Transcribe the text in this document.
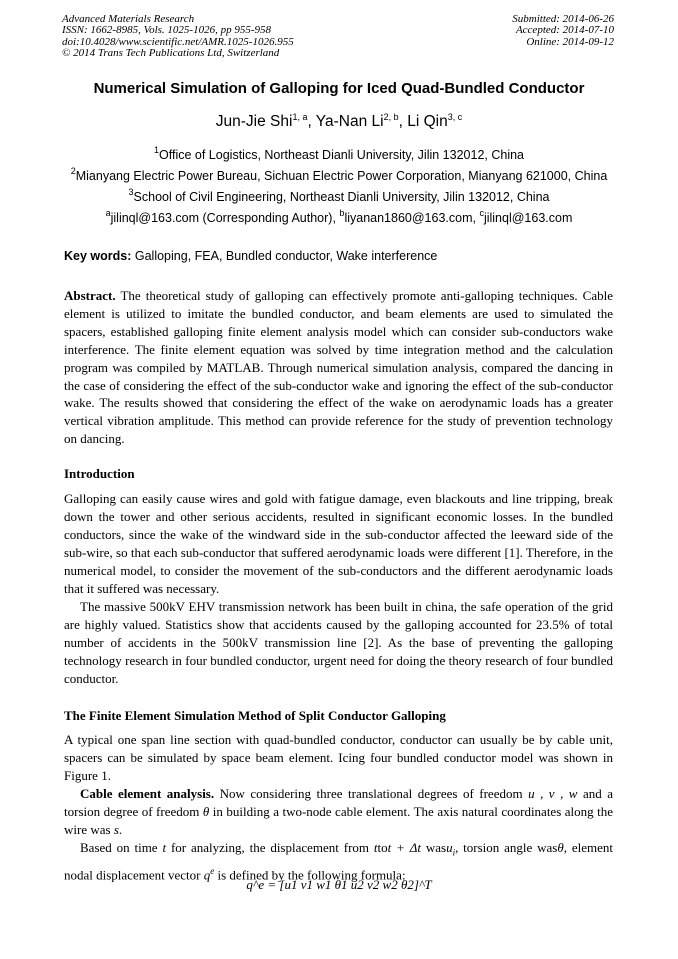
Advanced Materials Research
ISSN: 1662-8985, Vols. 1025-1026, pp 955-958
doi:10.4028/www.scientific.net/AMR.1025-1026.955
© 2014 Trans Tech Publications Ltd, Switzerland
Submitted: 2014-06-26
Accepted: 2014-07-10
Online: 2014-09-12
Numerical Simulation of Galloping for Iced Quad-Bundled Conductor
Jun-Jie Shi$^{1, a}$, Ya-Nan Li$^{2, b}$, Li Qin$^{3, c}$
$^1$Office of Logistics, Northeast Dianli University, Jilin 132012, China
$^2$Mianyang Electric Power Bureau, Sichuan Electric Power Corporation, Mianyang 621000, China
$^3$School of Civil Engineering, Northeast Dianli University, Jilin 132012, China
$^a$jilinql@163.com (Corresponding Author), $^b$liyanan1860@163.com, $^c$jilinql@163.com
Key words: Galloping, FEA, Bundled conductor, Wake interference
Abstract. The theoretical study of galloping can effectively promote anti-galloping techniques. Cable element is utilized to imitate the bundled conductor, and beam elements are used to simulated the spacers, established galloping finite element analysis model which can consider sub-conductors wake interference. The finite element equation was solved by time integration method and the calculation program was compiled by MATLAB. Through numerical simulation analysis, compared the dancing in the case of considering the effect of the sub-conductor wake and ignoring the effect of the sub-conductor wake. The results showed that considering the effect of the wake on aerodynamic loads has a greater vertical vibration amplitude. This method can provide reference for the study of prevention technology on dancing.
Introduction
Galloping can easily cause wires and gold with fatigue damage, even blackouts and line tripping, break down the tower and other serious accidents, resulted in significant economic losses. In the bundled conductors, since the wake of the windward side in the sub-conductor affected the leeward side of the sub-wire, so that each sub-conductor that suffered aerodynamic loads were different [1]. Therefore, in the numerical model, to consider the movement of the sub-conductors and the different aerodynamic loads that it suffered was necessary.
The massive 500kV EHV transmission network has been built in china, the safe operation of the grid are highly valued. Statistics show that accidents caused by the galloping accounted for 23.5% of total number of accidents in the 500kV transmission line [2]. As the base of preventing the galloping technology research in four bundled conductor, urgent need for doing the theory research of four bundled conductor.
The Finite Element Simulation Method of Split Conductor Galloping
A typical one span line section with quad-bundled conductor, conductor can usually be by cable unit, spacers can be simulated by space beam element. Icing four bundled conductor model was shown in Figure 1.
Cable element analysis. Now considering three translational degrees of freedom u , v , w and a torsion degree of freedom θ in building a two-node cable element. The axis natural coordinates along the wire was s.
Based on time t for analyzing, the displacement from ttot + Δt wasu$_i$, torsion angle wasθ, element nodal displacement vector $q^e$ is defined by the following formula:
q^e = [u1 v1 w1 θ1 u2 v2 w2 θ2]^T
